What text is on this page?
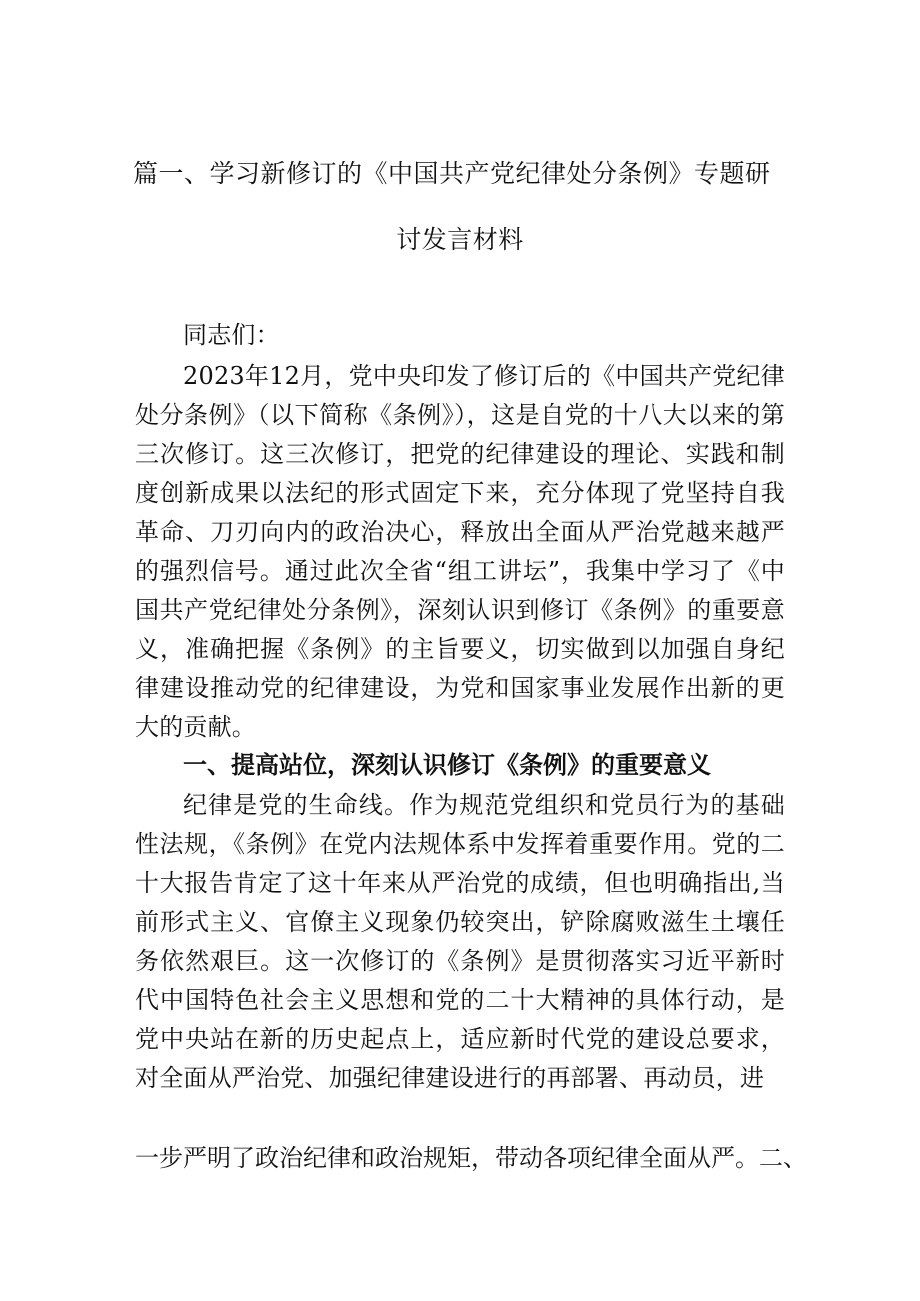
篇一、学习新修订的《中国共产党纪律处分条例》专题研
讨发言材料
同志们：

2023年12月，党中央印发了修订后的《中国共产党纪律处分条例》（以下简称《条例》），这是自党的十八大以来的第三次修订。这三次修订，把党的纪律建设的理论、实践和制度创新成果以法纪的形式固定下来，充分体现了党坚持自我革命、刀刃向内的政治决心，释放出全面从严治党越来越严的强烈信号。通过此次全省“组工讲坛”，我集中学习了《中国共产党纪律处分条例》，深刻认识到修订《条例》的重要意义，准确把握《条例》的主旨要义，切实做到以加强自身纪律建设推动党的纪律建设，为党和国家事业发展作出新的更大的贡献。

一、提高站位，深刻认识修订《条例》的重要意义

纪律是党的生命线。作为规范党组织和党员行为的基础性法规，《条例》在党内法规体系中发挥着重要作用。党的二十大报告肯定了这十年来从严治党的成绩，但也明确指出,当前形式主义、官僚主义现象仍较突出，铲除腐败滋生土壤任务依然艰巨。这一次修订的《条例》是贯彻落实习近平新时代中国特色社会主义思想和党的二十大精神的具体行动，是党中央站在新的历史起点上，适应新时代党的建设总要求，对全面从严治党、加强纪律建设进行的再部署、再动员，进

一步严明了政治纪律和政治规矩，带动各项纪律全面从严。二、
